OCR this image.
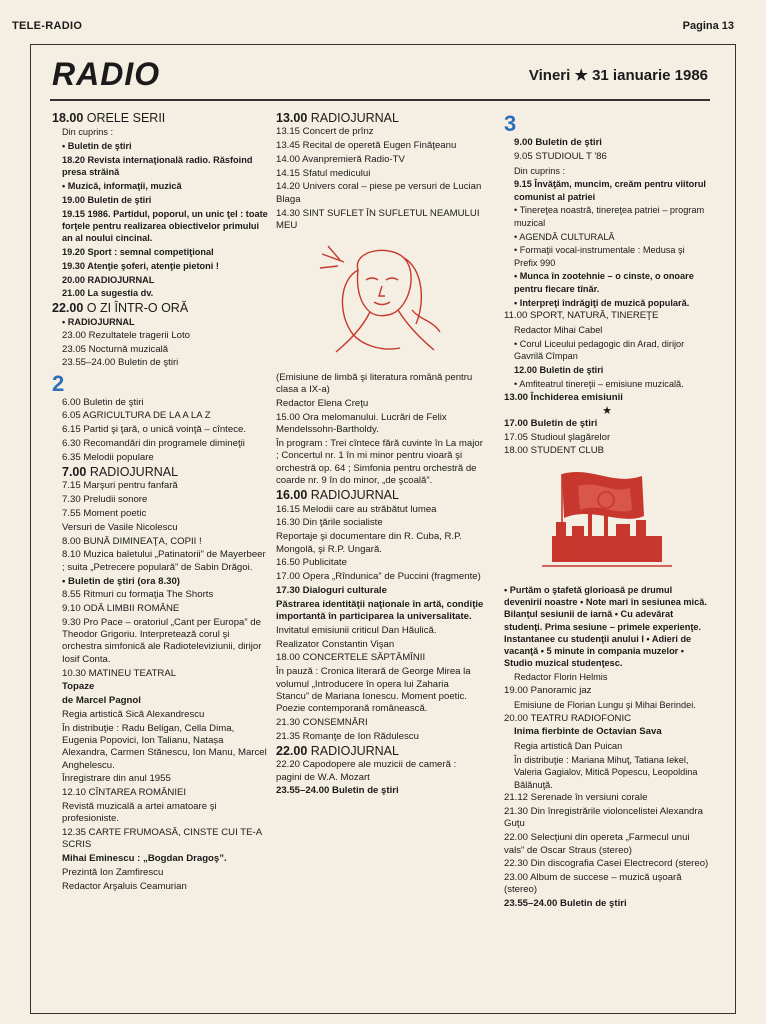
TELE-RADIO	Pagina 13
RADIO	Vineri ★ 31 ianuarie 1986
18.00 ORELE SERII
Din cuprins :
• Buletin de ştiri
18.20 Revista internaţională radio. Răsfoind presa străină
• Muzică, informaţii, muzică
19.00 Buletin de ştiri
19.15 1986. Partidul, poporul, un unic ţel : toate forţele pentru realizarea obiectivelor primului an al noului cincinal.
19.20 Sport : semnal competiţional
19.30 Atenţie şoferi, atenţie pietoni !
20.00 RADIOJURNAL
21.00 La sugestia dv.
22.00 O ZI ÎNTR-O ORĂ
• RADIOJURNAL
23.00 Rezultatele tragerii Loto
23.05 Nocturnă muzicală
23.55–24.00 Buletin de ştiri
2
6.00 Buletin de ştiri
6.05 AGRICULTURA DE LA A LA Z
6.15 Partid şi ţară, o unică voinţă – cîntece.
6.30 Recomandări din programele dimineţii
6.35 Melodii populare
7.00 RADIOJURNAL
7.15 Marşuri pentru fanfară
7.30 Preludii sonore
7.55 Moment poetic
Versuri de Vasile Nicolescu
8.00 BUNĂ DIMINEAŢA, COPII !
8.10 Muzica baletului „Patinatorii” de Mayerbeer ; suita „Petrecere populară” de Sabin Drăgoi.
• Buletin de ştiri (ora 8.30)
8.55 Ritmuri cu formaţia The Shorts
9.10 ODĂ LIMBII ROMÂNE
9.30 Pro Pace – oratoriul „Cant per Europa” de Theodor Grigoriu. Interpretează corul şi orchestra simfonică ale Radioteleviziunii, dirijor Iosif Conta.
10.30 MATINEU TEATRAL
Topaze
de Marcel Pagnol
Regia artistică Sică Alexandrescu
În distribuţie : Radu Beligan, Cella Dima, Eugenia Popovici, Ion Talianu, Natașa Alexandra, Carmen Stănescu, Ion Manu, Marcel Anghelescu.
Înregistrare din anul 1955
12.10 CÎNTAREA ROMÂNIEI
Revistă muzicală a artei amatoare şi profesioniste.
12.35 CARTE FRUMOASĂ, CINSTE CUI TE-A SCRIS
Mihai Eminescu : „Bogdan Dragoş”.
Prezintă Ion Zamfirescu
Redactor Arşaluis Ceamurian
13.00 RADIOJURNAL
13.15 Concert de prînz
13.45 Recital de operetă Eugen Finăţeanu
14.00 Avanpremieră Radio-TV
14.15 Sfatul medicului
14.20 Univers coral – piese pe versuri de Lucian Blaga
14.30 SINT SUFLET ÎN SUFLETUL NEAMULUI MEU
(Emisiune de limbă şi literatura română pentru clasa a IX-a)
Redactor Elena Creţu
15.00 Ora melomanului. Lucrări de Felix Mendelssohn-Bartholdy.
În program : Trei cîntece fără cuvinte în La major ; Concertul nr. 1 în mi minor pentru vioară şi orchestră op. 64 ; Simfonia pentru orchestră de coarde nr. 9 în do minor, „de şcoală”.
16.00 RADIOJURNAL
16.15 Melodii care au străbătut lumea
16.30 Din ţările socialiste
Reportaje şi documentare din R. Cuba, R.P. Mongolă, şi R.P. Ungară.
16.50 Publicitate
17.00 Opera „Rîndunica” de Puccini (fragmente)
17.30 Dialoguri culturale
Păstrarea identităţii naţionale în artă, condiţie importantă în participarea la universalitate.
Invitatul emisiunii criticul Dan Hăulică.
Realizator Constantin Vişan
18.00 CONCERTELE SĂPTĂMÎNII
În pauză : Cronica literară de George Mirea la volumul „Introducere în opera lui Zaharia Stancu” de Mariana Ionescu. Moment poetic. Poezie contemporană românească.
21.30 CONSEMNĂRI
21.35 Romanţe de Ion Rădulescu
22.00 RADIOJURNAL
22.20 Capodopere ale muzicii de cameră : pagini de W.A. Mozart
23.55–24.00 Buletin de ştiri
3
9.00 Buletin de ştiri
9.05 STUDIOUL T '86
Din cuprins :
9.15 Învăţăm, muncim, creăm pentru viitorul comunist al patriei
• Tinereţea noastră, tinereţea patriei – program muzical
• AGENDĂ CULTURALĂ
• Formaţii vocal-instrumentale : Medusa şi Prefix 990
• Munca în zootehnie – o cinste, o onoare pentru fiecare tînăr.
• Interpreţi îndrăgiţi de muzică populară.
11.00 SPORT, NATURĂ, TINEREŢE
Redactor Mihai Cabel
• Corul Liceului pedagogic din Arad, dirijor Gavrilă Cîmpan
12.00 Buletin de ştiri
• Amfiteatrul tinereţii – emisiune muzicală.
13.00 Închiderea emisiunii
★
17.00 Buletin de ştiri
17.05 Studioul şlagărelor
18.00 STUDENT CLUB
• Purtăm o ştafetă glorioasă pe drumul devenirii noastre • Note mari în sesiunea mică. Bilanţul sesiunii de iarnă • Cu adevărat studenţi. Prima sesiune – primele experienţe. Instantanee cu studenţii anului I • Adieri de vacanţă • 5 minute în compania muzelor • Studio muzical studenţesc.
Redactor Florin Helmis
19.00 Panoramic jaz
Emisiune de Florian Lungu şi Mihai Berindei.
20.00 TEATRU RADIOFONIC
Inima fierbinte de Octavian Sava
Regia artistică Dan Puican
În distribuţie : Mariana Mihuţ, Tatiana Iekel, Valeria Gagialov, Mitică Popescu, Leopoldina Bălănuţă.
21.12 Serenade în versiuni corale
21.30 Din înregistrările violoncelistei Alexandra Guţu
22.00 Selecţiuni din opereta „Farmecul unui vals” de Oscar Straus (stereo)
22.30 Din discografia Casei Electrecord (stereo)
23.00 Album de succese – muzică uşoară (stereo)
23.55–24.00 Buletin de ştiri
